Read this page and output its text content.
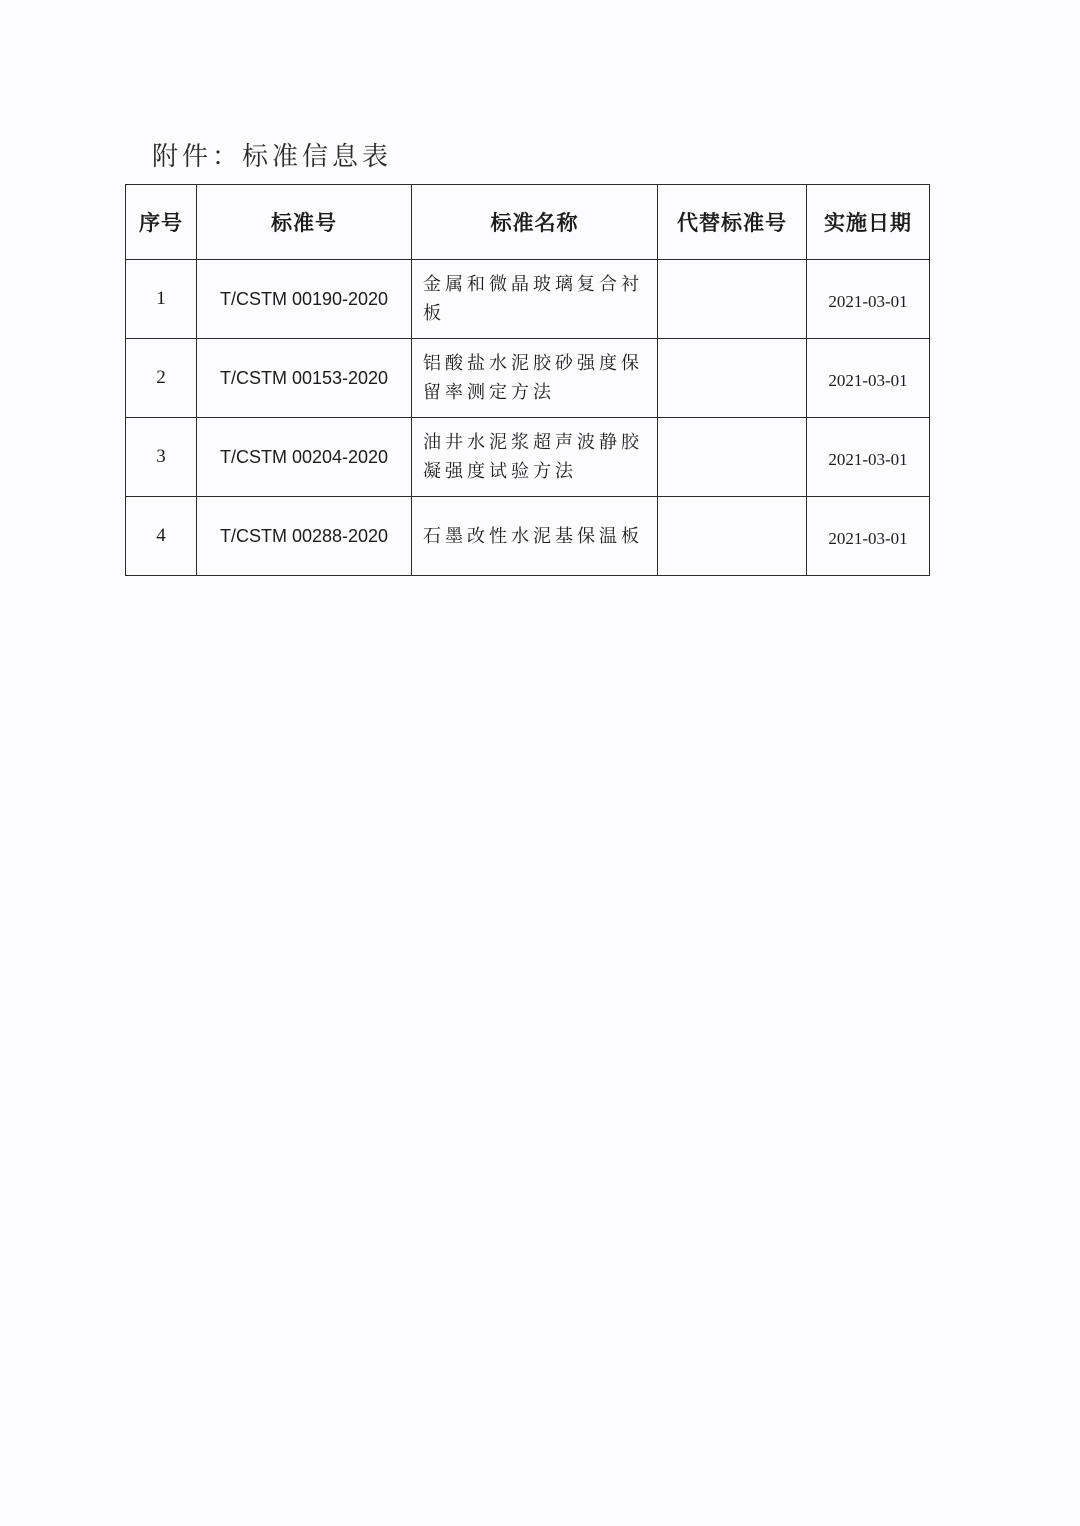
附件：标准信息表
序号	标准号	标准名称	代替标准号	实施日期
1	T/CSTM 00190-2020	金属和微晶玻璃复合衬板		2021-03-01
2	T/CSTM 00153-2020	铝酸盐水泥胶砂强度保留率测定方法		2021-03-01
3	T/CSTM 00204-2020	油井水泥浆超声波静胶凝强度试验方法		2021-03-01
4	T/CSTM 00288-2020	石墨改性水泥基保温板		2021-03-01
